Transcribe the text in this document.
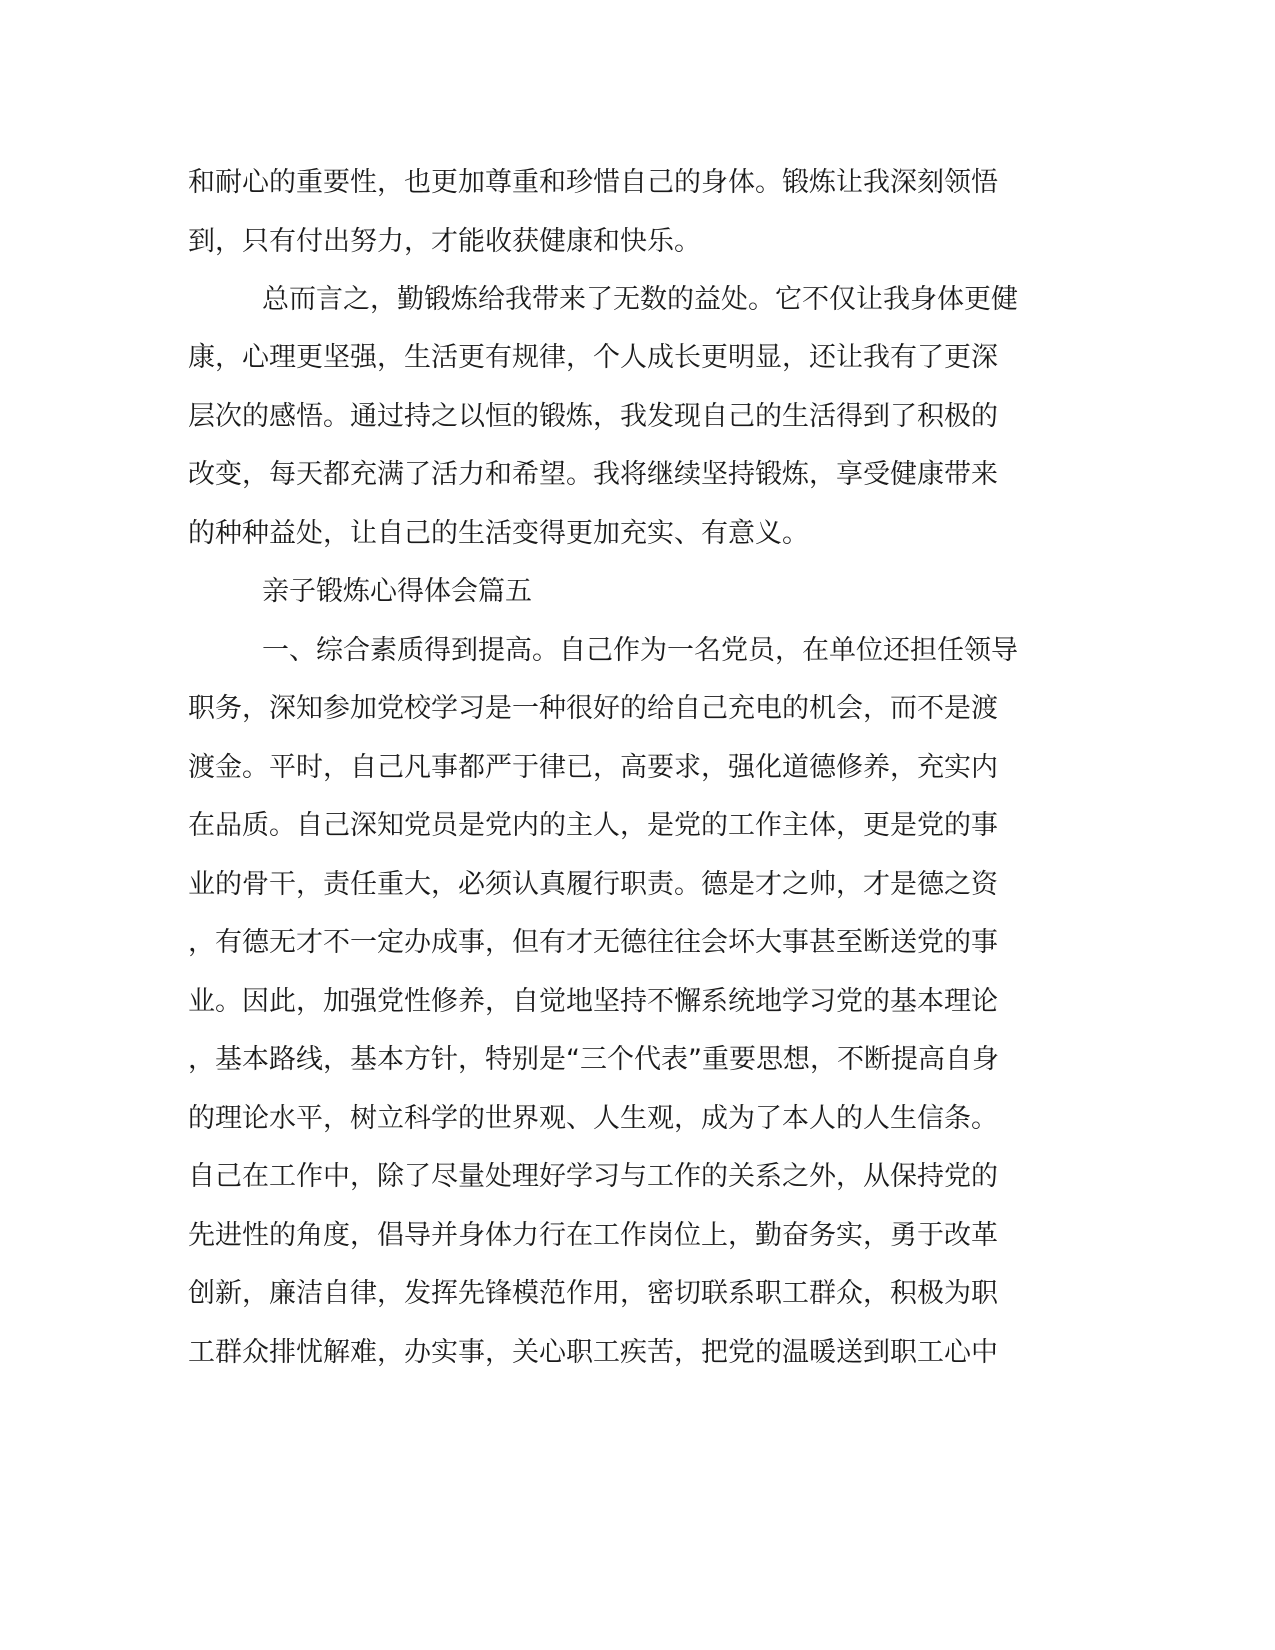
和耐心的重要性，也更加尊重和珍惜自己的身体。锻炼让我深刻领悟
到，只有付出努力，才能收获健康和快乐。
总而言之，勤锻炼给我带来了无数的益处。它不仅让我身体更健
康，心理更坚强，生活更有规律，个人成长更明显，还让我有了更深
层次的感悟。通过持之以恒的锻炼，我发现自己的生活得到了积极的
改变，每天都充满了活力和希望。我将继续坚持锻炼，享受健康带来
的种种益处，让自己的生活变得更加充实、有意义。
亲子锻炼心得体会篇五
一、综合素质得到提高。自己作为一名党员，在单位还担任领导
职务，深知参加党校学习是一种很好的给自己充电的机会，而不是渡
渡金。平时，自己凡事都严于律已，高要求，强化道德修养，充实内
在品质。自己深知党员是党内的主人，是党的工作主体，更是党的事
业的骨干，责任重大，必须认真履行职责。德是才之帅，才是德之资
，有德无才不一定办成事，但有才无德往往会坏大事甚至断送党的事
业。因此，加强党性修养，自觉地坚持不懈系统地学习党的基本理论
，基本路线，基本方针，特别是“三个代表”重要思想，不断提高自身
的理论水平，树立科学的世界观、人生观，成为了本人的人生信条。
自己在工作中，除了尽量处理好学习与工作的关系之外，从保持党的
先进性的角度，倡导并身体力行在工作岗位上，勤奋务实，勇于改革
创新，廉洁自律，发挥先锋模范作用，密切联系职工群众，积极为职
工群众排忧解难，办实事，关心职工疾苦，把党的温暖送到职工心中
